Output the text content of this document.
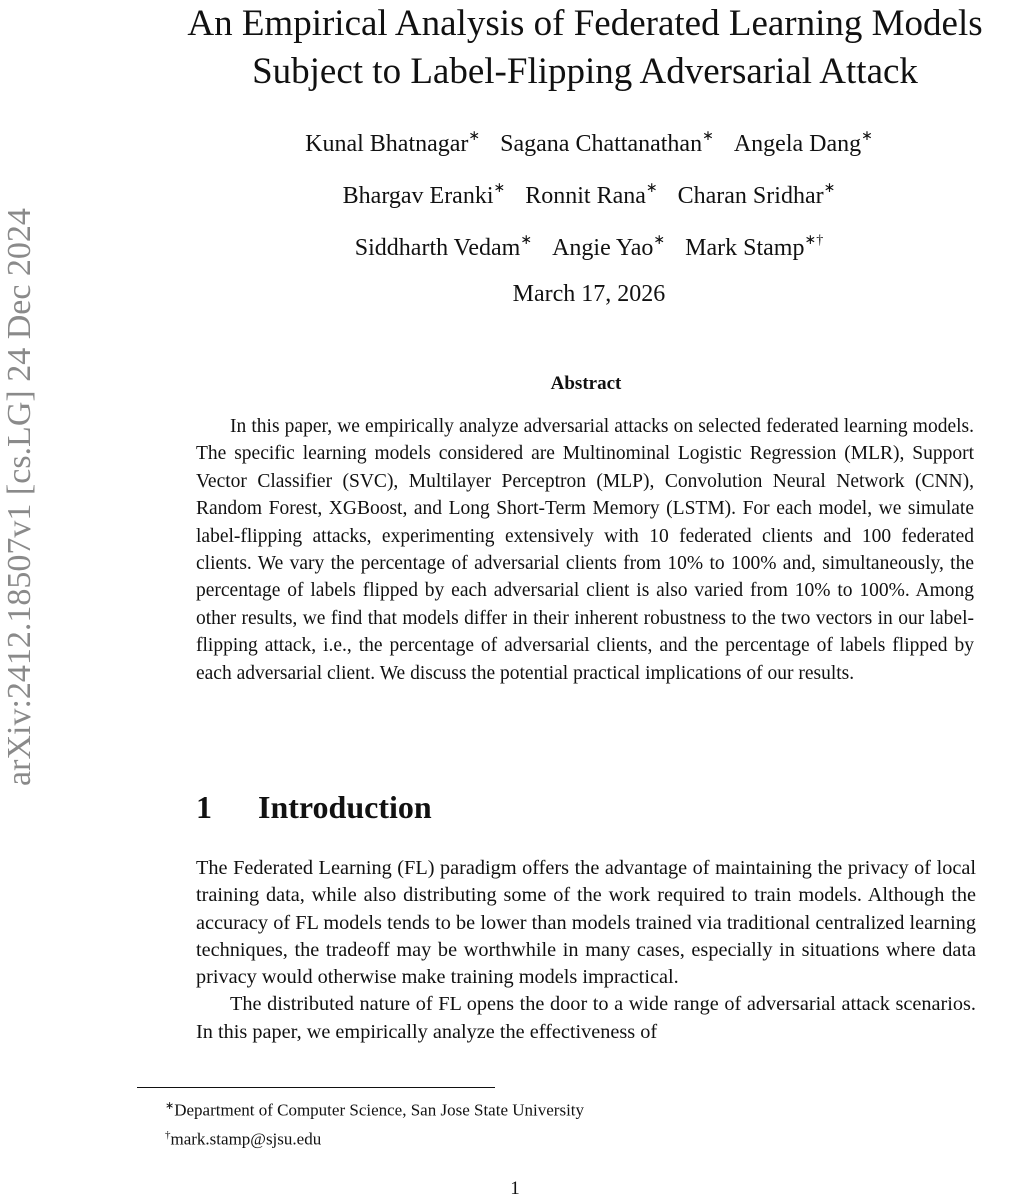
arXiv:2412.18507v1 [cs.LG] 24 Dec 2024
An Empirical Analysis of Federated Learning Models
Subject to Label-Flipping Adversarial Attack
Kunal Bhatnagar∗ Sagana Chattanathan∗ Angela Dang∗
Bhargav Eranki∗ Ronnit Rana∗ Charan Sridhar∗
Siddharth Vedam∗ Angie Yao∗ Mark Stamp∗†
March 17, 2026
Abstract
In this paper, we empirically analyze adversarial attacks on selected federated learning models. The specific learning models considered are Multinominal Logistic Regression (MLR), Support Vector Classifier (SVC), Multilayer Perceptron (MLP), Convolution Neural Network (CNN), Random Forest, XGBoost, and Long Short-Term Memory (LSTM). For each model, we simulate label-flipping attacks, experimenting extensively with 10 federated clients and 100 federated clients. We vary the percentage of adversarial clients from 10% to 100% and, simultaneously, the percentage of labels flipped by each adversarial client is also varied from 10% to 100%. Among other results, we find that models differ in their inherent robustness to the two vectors in our label-flipping attack, i.e., the percentage of adversarial clients, and the percentage of labels flipped by each adversarial client. We discuss the potential practical implications of our results.
1 Introduction

The Federated Learning (FL) paradigm offers the advantage of maintaining the privacy of local training data, while also distributing some of the work required to train models. Although the accuracy of FL models tends to be lower than models trained via traditional centralized learning techniques, the tradeoff may be worthwhile in many cases, especially in situations where data privacy would otherwise make training models impractical.

The distributed nature of FL opens the door to a wide range of adversarial attack scenarios. In this paper, we empirically analyze the effectiveness of

∗Department of Computer Science, San Jose State University
†mark.stamp@sjsu.edu
1
